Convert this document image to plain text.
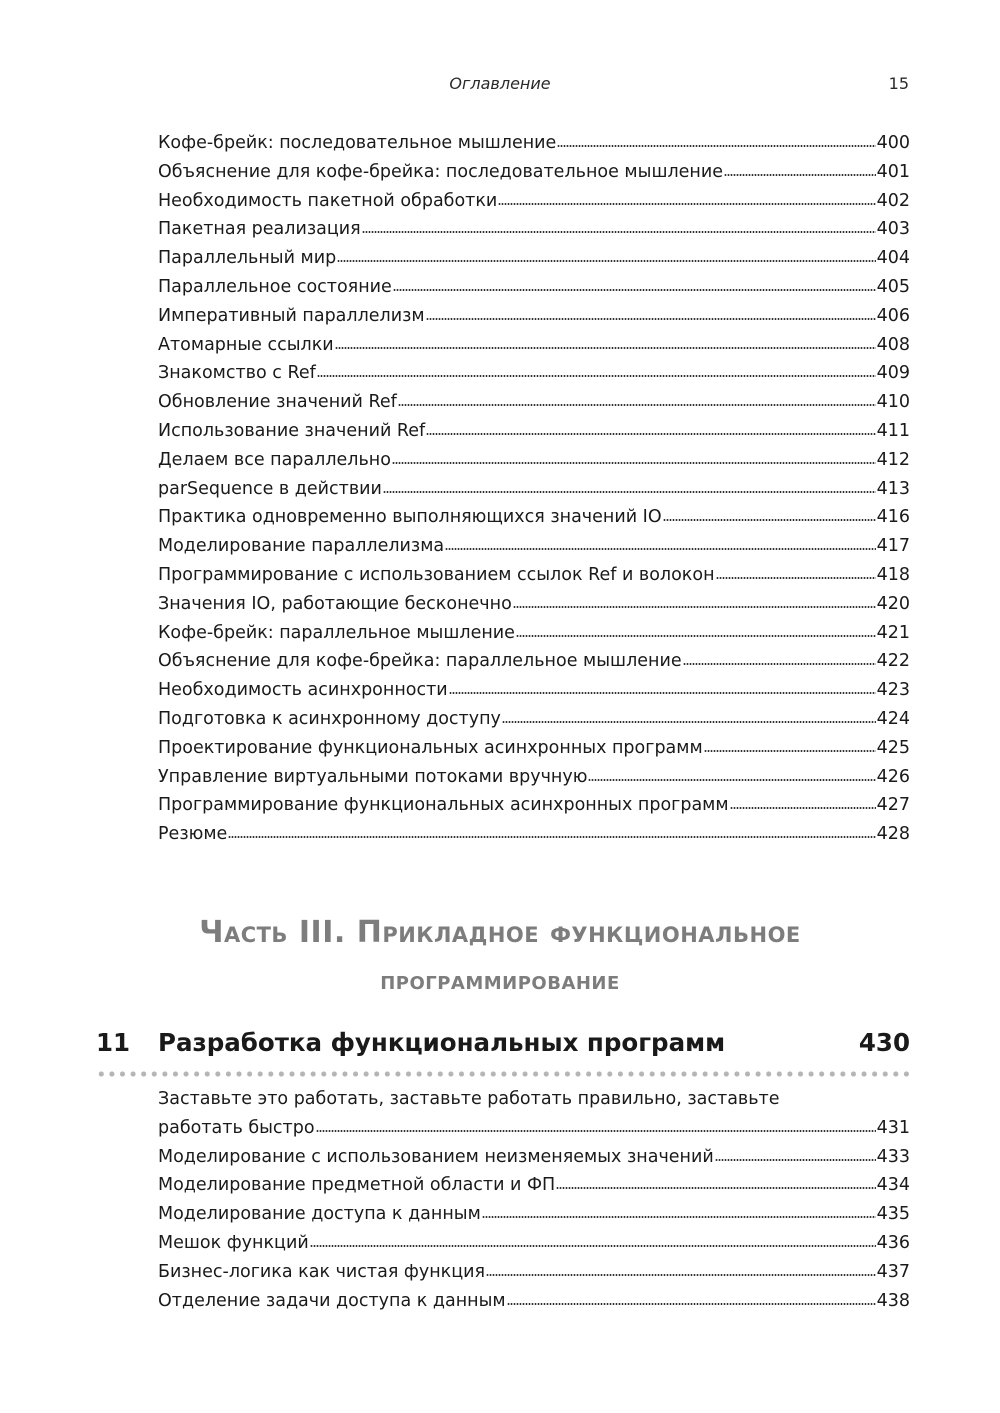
Оглавление	15
Кофе-брейк: последовательное мышление	400
Объяснение для кофе-брейка: последовательное мышление	401
Необходимость пакетной обработки	402
Пакетная реализация	403
Параллельный мир	404
Параллельное состояние	405
Императивный параллелизм	406
Атомарные ссылки	408
Знакомство с Ref	409
Обновление значений Ref	410
Использование значений Ref	411
Делаем все параллельно	412
parSequence в действии	413
Практика одновременно выполняющихся значений IO	416
Моделирование параллелизма	417
Программирование с использованием ссылок Ref и волокон	418
Значения IO, работающие бесконечно	420
Кофе-брейк: параллельное мышление	421
Объяснение для кофе-брейка: параллельное мышление	422
Необходимость асинхронности	423
Подготовка к асинхронному доступу	424
Проектирование функциональных асинхронных программ	425
Управление виртуальными потоками вручную	426
Программирование функциональных асинхронных программ	427
Резюме	428
Часть III. Прикладное функциональное
программирование
11	Разработка функциональных программ	430
Заставьте это работать, заставьте работать правильно, заставьте
работать быстро	431
Моделирование с использованием неизменяемых значений	433
Моделирование предметной области и ФП	434
Моделирование доступа к данным	435
Мешок функций	436
Бизнес-логика как чистая функция	437
Отделение задачи доступа к данным	438
